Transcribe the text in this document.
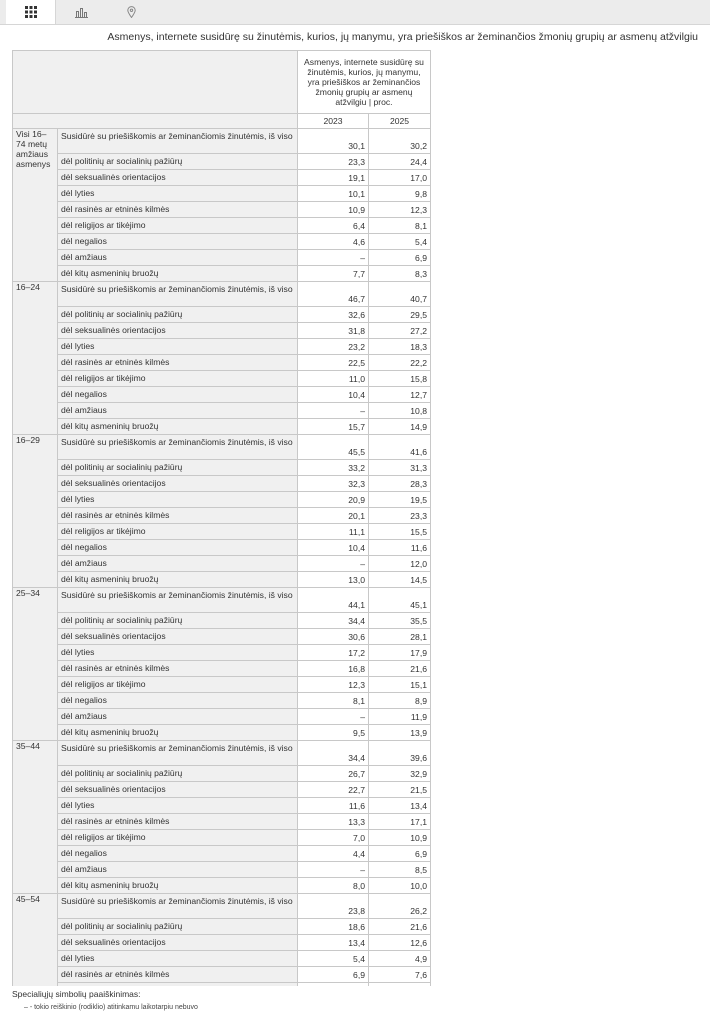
Asmenys, internete susidūrę su žinutėmis, kurios, jų manymu, yra priešiškos ar žeminančios žmonių grupių ar asmenų atžvilgiu
		Asmenys, internete susidūrę su žinutėmis, kurios, jų manymu, yra priešiškos ar žeminančios žmonių grupių ar asmenų atžvilgiu | proc.	
		2023	2025
Visi 16–74 metų amžiaus asmenys	Susidūrė su priešiškomis ar žeminančiomis žinutėmis, iš viso	30,1	30,2
	dėl politinių ar socialinių pažiūrų	23,3	24,4
	dėl seksualinės orientacijos	19,1	17,0
	dėl lyties	10,1	9,8
	dėl rasinės ar etninės kilmės	10,9	12,3
	dėl religijos ar tikėjimo	6,4	8,1
	dėl negalios	4,6	5,4
	dėl amžiaus	–	6,9
	dėl kitų asmeninių bruožų	7,7	8,3
16–24	Susidūrė su priešiškomis ar žeminančiomis žinutėmis, iš viso	46,7	40,7
	dėl politinių ar socialinių pažiūrų	32,6	29,5
	dėl seksualinės orientacijos	31,8	27,2
	dėl lyties	23,2	18,3
	dėl rasinės ar etninės kilmės	22,5	22,2
	dėl religijos ar tikėjimo	11,0	15,8
	dėl negalios	10,4	12,7
	dėl amžiaus	–	10,8
	dėl kitų asmeninių bruožų	15,7	14,9
16–29	Susidūrė su priešiškomis ar žeminančiomis žinutėmis, iš viso	45,5	41,6
	dėl politinių ar socialinių pažiūrų	33,2	31,3
	dėl seksualinės orientacijos	32,3	28,3
	dėl lyties	20,9	19,5
	dėl rasinės ar etninės kilmės	20,1	23,3
	dėl religijos ar tikėjimo	11,1	15,5
	dėl negalios	10,4	11,6
	dėl amžiaus	–	12,0
	dėl kitų asmeninių bruožų	13,0	14,5
25–34	Susidūrė su priešiškomis ar žeminančiomis žinutėmis, iš viso	44,1	45,1
	dėl politinių ar socialinių pažiūrų	34,4	35,5
	dėl seksualinės orientacijos	30,6	28,1
	dėl lyties	17,2	17,9
	dėl rasinės ar etninės kilmės	16,8	21,6
	dėl religijos ar tikėjimo	12,3	15,1
	dėl negalios	8,1	8,9
	dėl amžiaus	–	11,9
	dėl kitų asmeninių bruožų	9,5	13,9
35–44	Susidūrė su priešiškomis ar žeminančiomis žinutėmis, iš viso	34,4	39,6
	dėl politinių ar socialinių pažiūrų	26,7	32,9
	dėl seksualinės orientacijos	22,7	21,5
	dėl lyties	11,6	13,4
	dėl rasinės ar etninės kilmės	13,3	17,1
	dėl religijos ar tikėjimo	7,0	10,9
	dėl negalios	4,4	6,9
	dėl amžiaus	–	8,5
	dėl kitų asmeninių bruožų	8,0	10,0
45–54	Susidūrė su priešiškomis ar žeminančiomis žinutėmis, iš viso	23,8	26,2
	dėl politinių ar socialinių pažiūrų	18,6	21,6
	dėl seksualinės orientacijos	13,4	12,6
	dėl lyties	5,4	4,9
	dėl rasinės ar etninės kilmės	6,9	7,6

Specialiųjų simbolių paaiškinimas:
– - tokio reiškinio (rodiklio) atitinkamu laikotarpiu nebuvo
